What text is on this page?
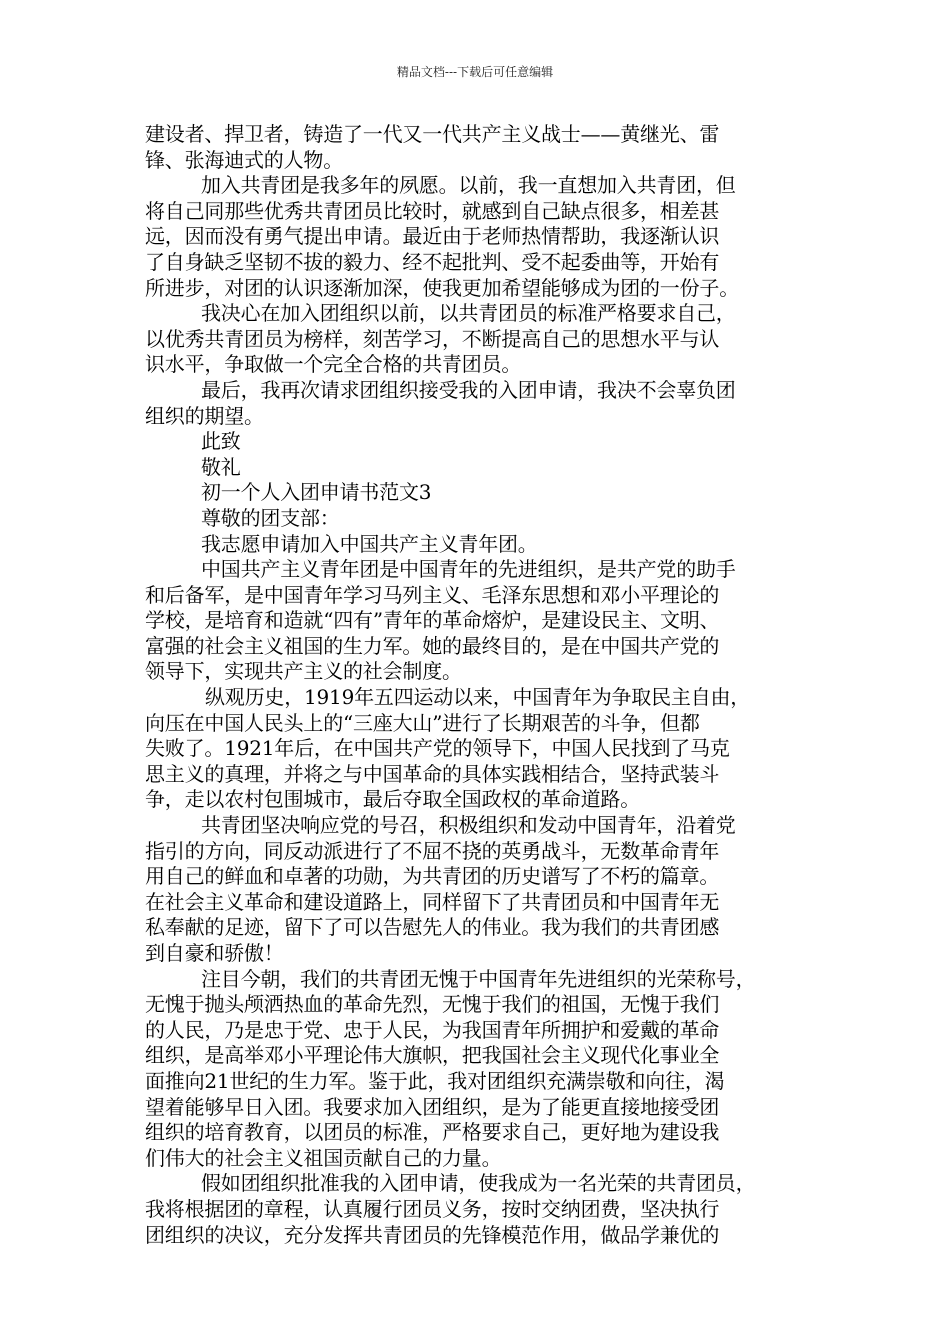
精品文档---下载后可任意编辑
建设者、捍卫者，铸造了一代又一代共产主义战士——黄继光、雷
锋、张海迪式的人物。
加入共青团是我多年的夙愿。以前，我一直想加入共青团，但
将自己同那些优秀共青团员比较时，就感到自己缺点很多，相差甚
远，因而没有勇气提出申请。最近由于老师热情帮助，我逐渐认识
了自身缺乏坚韧不拔的毅力、经不起批判、受不起委曲等，开始有
所进步，对团的认识逐渐加深，使我更加希望能够成为团的一份子。
我决心在加入团组织以前，以共青团员的标准严格要求自己，
以优秀共青团员为榜样，刻苦学习，不断提高自己的思想水平与认
识水平，争取做一个完全合格的共青团员。
最后，我再次请求团组织接受我的入团申请，我决不会辜负团
组织的期望。
此致
敬礼
初一个人入团申请书范文3
尊敬的团支部：
我志愿申请加入中国共产主义青年团。
中国共产主义青年团是中国青年的先进组织，是共产党的助手
和后备军，是中国青年学习马列主义、毛泽东思想和邓小平理论的
学校，是培育和造就“四有”青年的革命熔炉，是建设民主、文明、
富强的社会主义祖国的生力军。她的最终目的，是在中国共产党的
领导下，实现共产主义的社会制度。
纵观历史，1919年五四运动以来，中国青年为争取民主自由，
向压在中国人民头上的“三座大山”进行了长期艰苦的斗争，但都
失败了。1921年后，在中国共产党的领导下，中国人民找到了马克
思主义的真理，并将之与中国革命的具体实践相结合，坚持武装斗
争，走以农村包围城市，最后夺取全国政权的革命道路。
共青团坚决响应党的号召，积极组织和发动中国青年，沿着党
指引的方向，同反动派进行了不屈不挠的英勇战斗，无数革命青年
用自己的鲜血和卓著的功勋，为共青团的历史谱写了不朽的篇章。
在社会主义革命和建设道路上，同样留下了共青团员和中国青年无
私奉献的足迹，留下了可以告慰先人的伟业。我为我们的共青团感
到自豪和骄傲！
注目今朝，我们的共青团无愧于中国青年先进组织的光荣称号，
无愧于抛头颅洒热血的革命先烈，无愧于我们的祖国，无愧于我们
的人民，乃是忠于党、忠于人民，为我国青年所拥护和爱戴的革命
组织，是高举邓小平理论伟大旗帜，把我国社会主义现代化事业全
面推向21世纪的生力军。鉴于此，我对团组织充满崇敬和向往，渴
望着能够早日入团。我要求加入团组织，是为了能更直接地接受团
组织的培育教育，以团员的标准，严格要求自己，更好地为建设我
们伟大的社会主义祖国贡献自己的力量。
假如团组织批准我的入团申请，使我成为一名光荣的共青团员，
我将根据团的章程，认真履行团员义务，按时交纳团费，坚决执行
团组织的决议，充分发挥共青团员的先锋模范作用，做品学兼优的
